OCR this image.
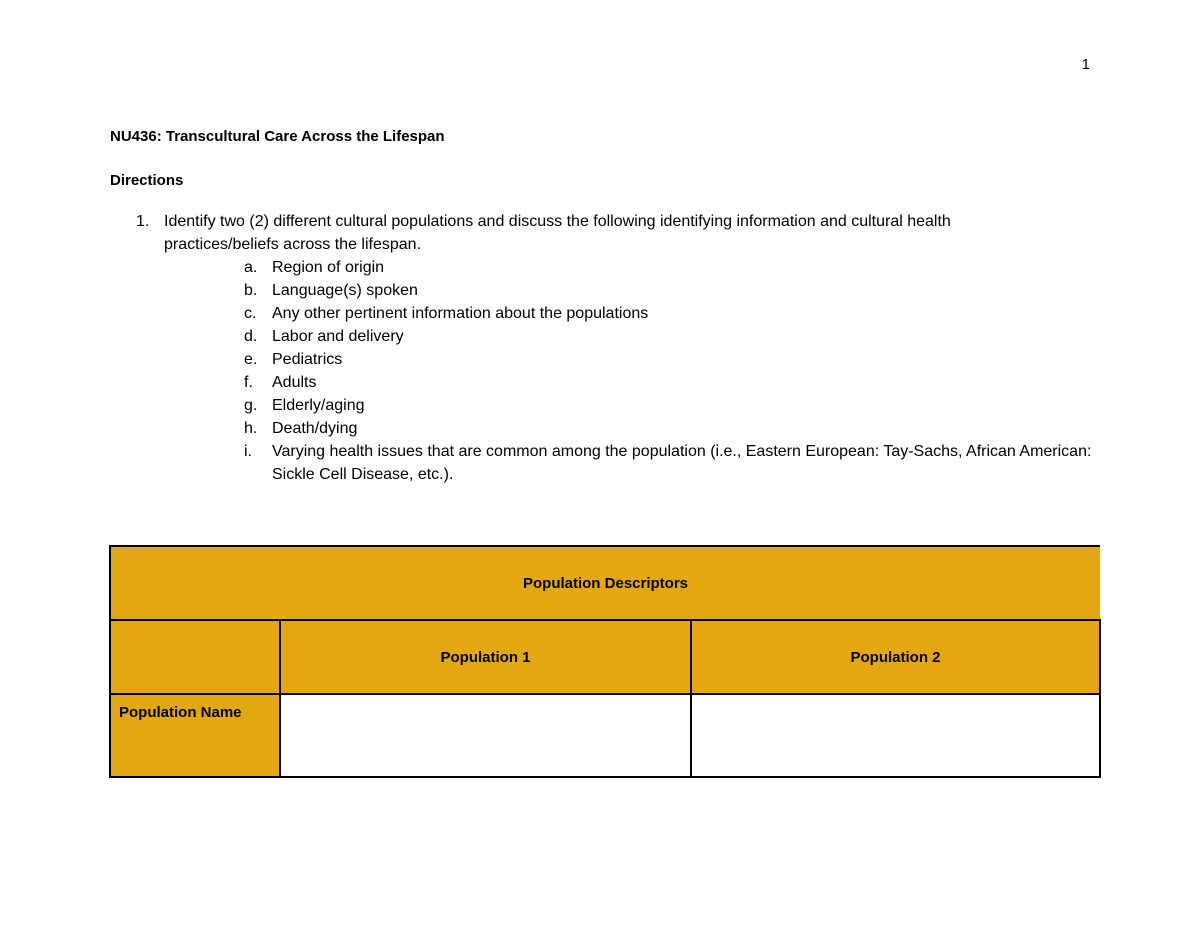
1
NU436: Transcultural Care Across the Lifespan
Directions
1. Identify two (2) different cultural populations and discuss the following identifying information and cultural health
practices/beliefs across the lifespan.
a. Region of origin
b. Language(s) spoken
c. Any other pertinent information about the populations
d. Labor and delivery
e. Pediatrics
f. Adults
g. Elderly/aging
h. Death/dying
i. Varying health issues that are common among the population (i.e., Eastern European: Tay-Sachs, African American: Sickle Cell Disease, etc.).
Population Descriptors		
	Population 1	Population 2
Population Name		
